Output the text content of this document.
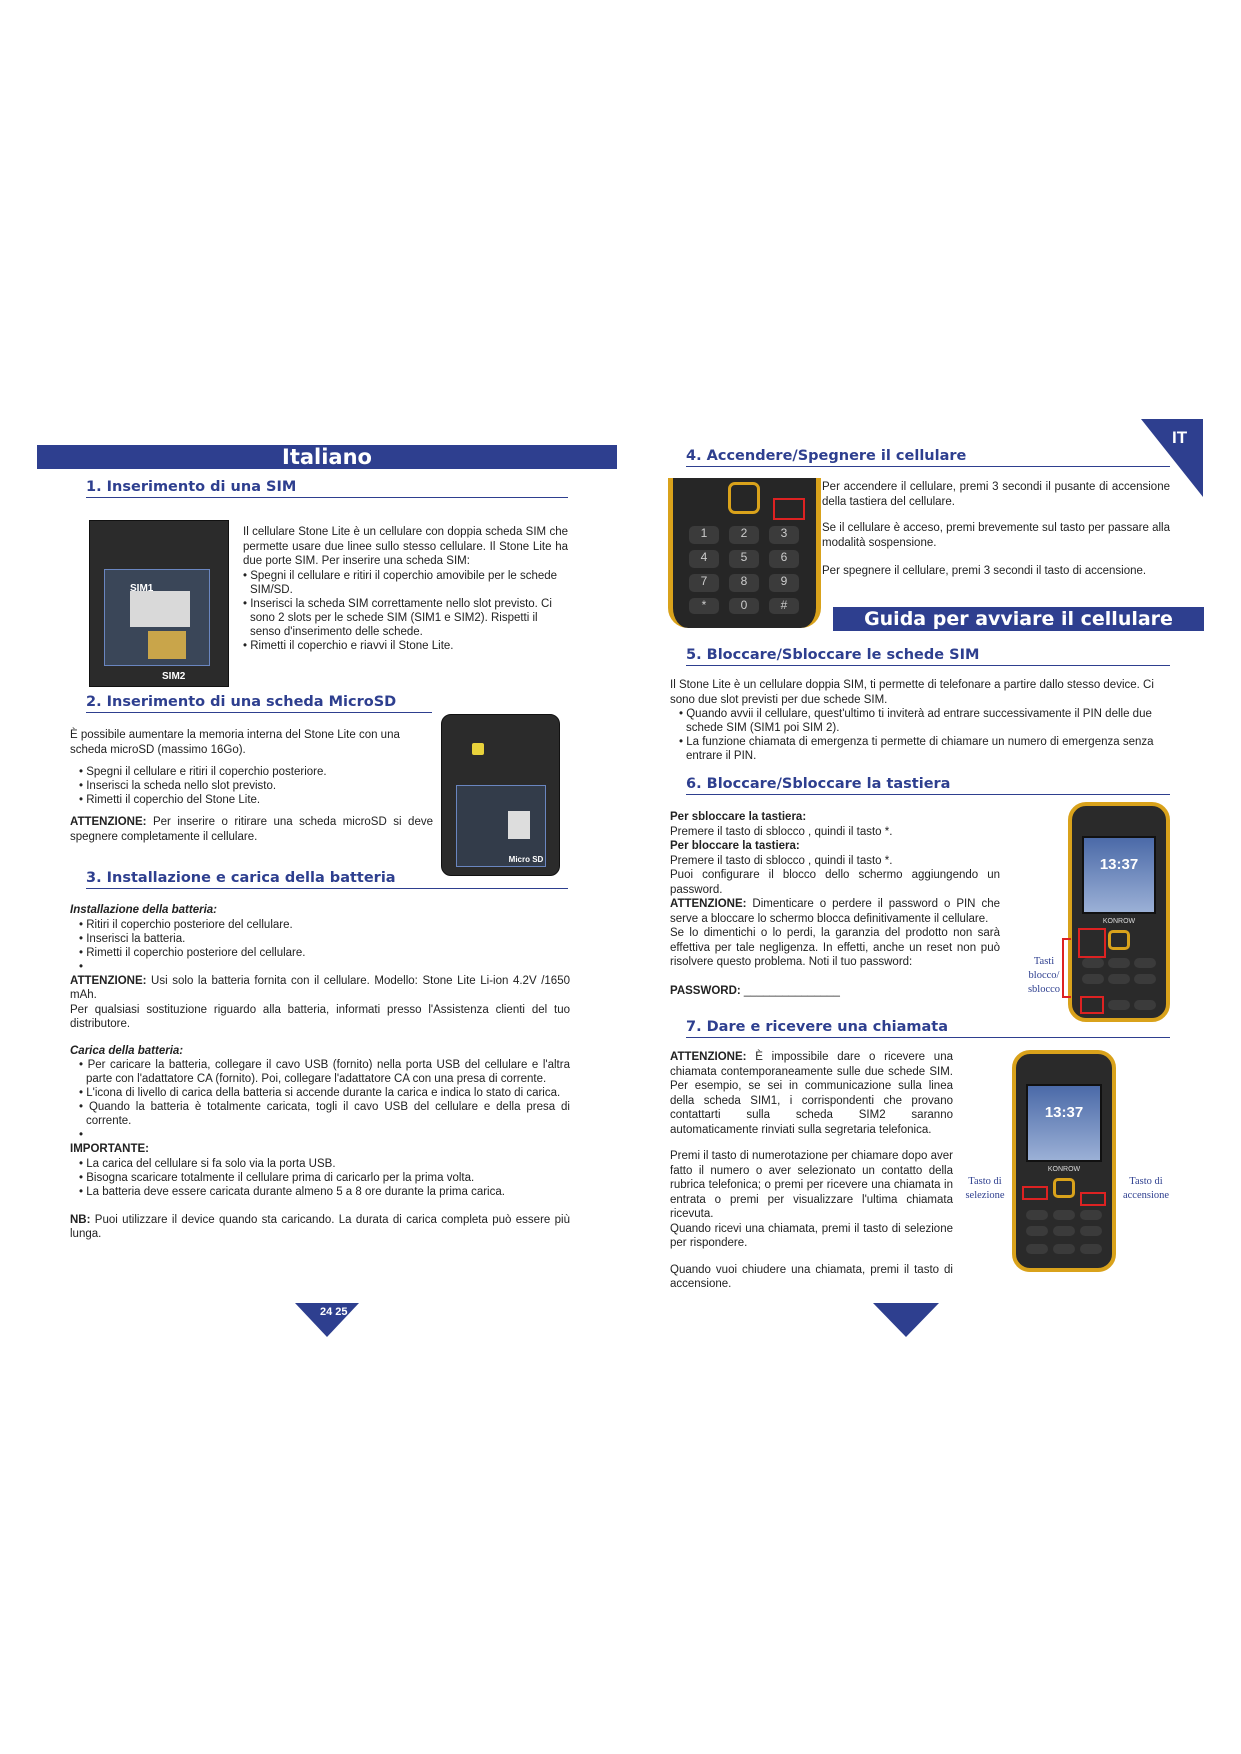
Italiano
1. Inserimento di una SIM
SIM1
SIM2

Il cellulare Stone Lite è un cellulare con doppia scheda SIM che permette usare due linee sullo stesso cellulare. Il Stone Lite ha due porte SIM. Per inserire una scheda SIM:

• Spegni il cellulare e ritiri il coperchio amovibile per le schede SIM/SD.
• Inserisci la scheda SIM correttamente nello slot previsto. Ci sono 2 slots per le schede SIM (SIM1 e SIM2). Rispetti il senso d'inserimento delle schede.
• Rimetti il coperchio e riavvi il Stone Lite.
2. Inserimento di una scheda MicroSD

È possibile aumentare la memoria interna del Stone Lite con una scheda microSD (massimo 16Go).

• Spegni il cellulare e ritiri il coperchio posteriore.
• Inserisci la scheda nello slot previsto.
• Rimetti il coperchio del Stone Lite.

ATTENZIONE: Per inserire o ritirare una scheda microSD si deve spegnere completamente il cellulare.

Micro SD
3. Installazione e carica della batteria

Installazione della batteria:

• Ritiri il coperchio posteriore del cellulare.
• Inserisci la batteria.
• Rimetti il coperchio posteriore del cellulare.
•

ATTENZIONE: Usi solo la batteria fornita con il cellulare. Modello: Stone Lite Li-ion 4.2V /1650 mAh.

Per qualsiasi sostituzione riguardo alla batteria, informati presso l'Assistenza clienti del tuo distributore.

Carica della batteria:

• Per caricare la batteria, collegare il cavo USB (fornito) nella porta USB del cellulare e l'altra parte con l'adattatore CA (fornito). Poi, collegare l'adattatore CA con una presa di corrente.
• L'icona di livello di carica della batteria si accende durante la carica e indica lo stato di carica.
• Quando la batteria è totalmente caricata, togli il cavo USB del cellulare e della presa di corrente.
•

IMPORTANTE:

• La carica del cellulare si fa solo via la porta USB.
• Bisogna scaricare totalmente il cellulare prima di caricarlo per la prima volta.
• La batteria deve essere caricata durante almeno 5 a 8 ore durante la prima carica.

NB: Puoi utilizzare il device quando sta caricando. La durata di carica completa può essere più lunga.

24 25
IT
4. Accendere/Spegnere il cellulare
1	2	3
4	5	6
7	8	9
*	0	#

Per accendere il cellulare, premi 3 secondi il pusante di accensione della tastiera del cellulare.

Se il cellulare è acceso, premi brevemente sul tasto per passare alla modalità sospensione.

Per spegnere il cellulare, premi 3 secondi il tasto di accensione.

Guida per avviare il cellulare
5. Bloccare/Sbloccare le schede SIM

Il Stone Lite è un cellulare doppia SIM, ti permette di telefonare a partire dallo stesso device. Ci sono due slot previsti per due schede SIM.

• Quando avvii il cellulare, quest'ultimo ti inviterà ad entrare successivamente il PIN delle due schede SIM (SIM1 poi SIM 2).
• La funzione chiamata di emergenza ti permette di chiamare un numero di emergenza senza entrare il PIN.
6. Bloccare/Sbloccare la tastiera

Per sbloccare la tastiera:

Premere il tasto di sblocco , quindi il tasto *.

Per bloccare la tastiera:

Premere il tasto di sblocco , quindi il tasto *.

Puoi configurare il blocco dello schermo aggiungendo un password.

ATTENZIONE: Dimenticare o perdere il password o PIN che serve a bloccare lo schermo blocca definitivamente il cellulare.

Se lo dimentichi o lo perdi, la garanzia del prodotto non sarà effettiva per tale negligenza. In effetti, anche un reset non può risolvere questo problema. Noti il tuo password:

PASSWORD: _______________

13:37
KONROW
Tasti blocco/ sblocco
7. Dare e ricevere una chiamata

ATTENZIONE: È impossibile dare o ricevere una chiamata contemporaneamente sulle due schede SIM. Per esempio, se sei in communicazione sulla linea della scheda SIM1, i corrispondenti che provano contattarti sulla scheda SIM2 saranno automaticamente rinviati sulla segretaria telefonica.

Premi il tasto di numerotazione per chiamare dopo aver fatto il numero o aver selezionato un contatto della rubrica telefonica; o premi per ricevere una chiamata in entrata o premi per visualizzare l'ultima chiamata ricevuta.

Quando ricevi una chiamata, premi il tasto di selezione per rispondere.

Quando vuoi chiudere una chiamata, premi il tasto di accensione.

13:37
KONROW
Tasto di selezione
Tasto di accensione
